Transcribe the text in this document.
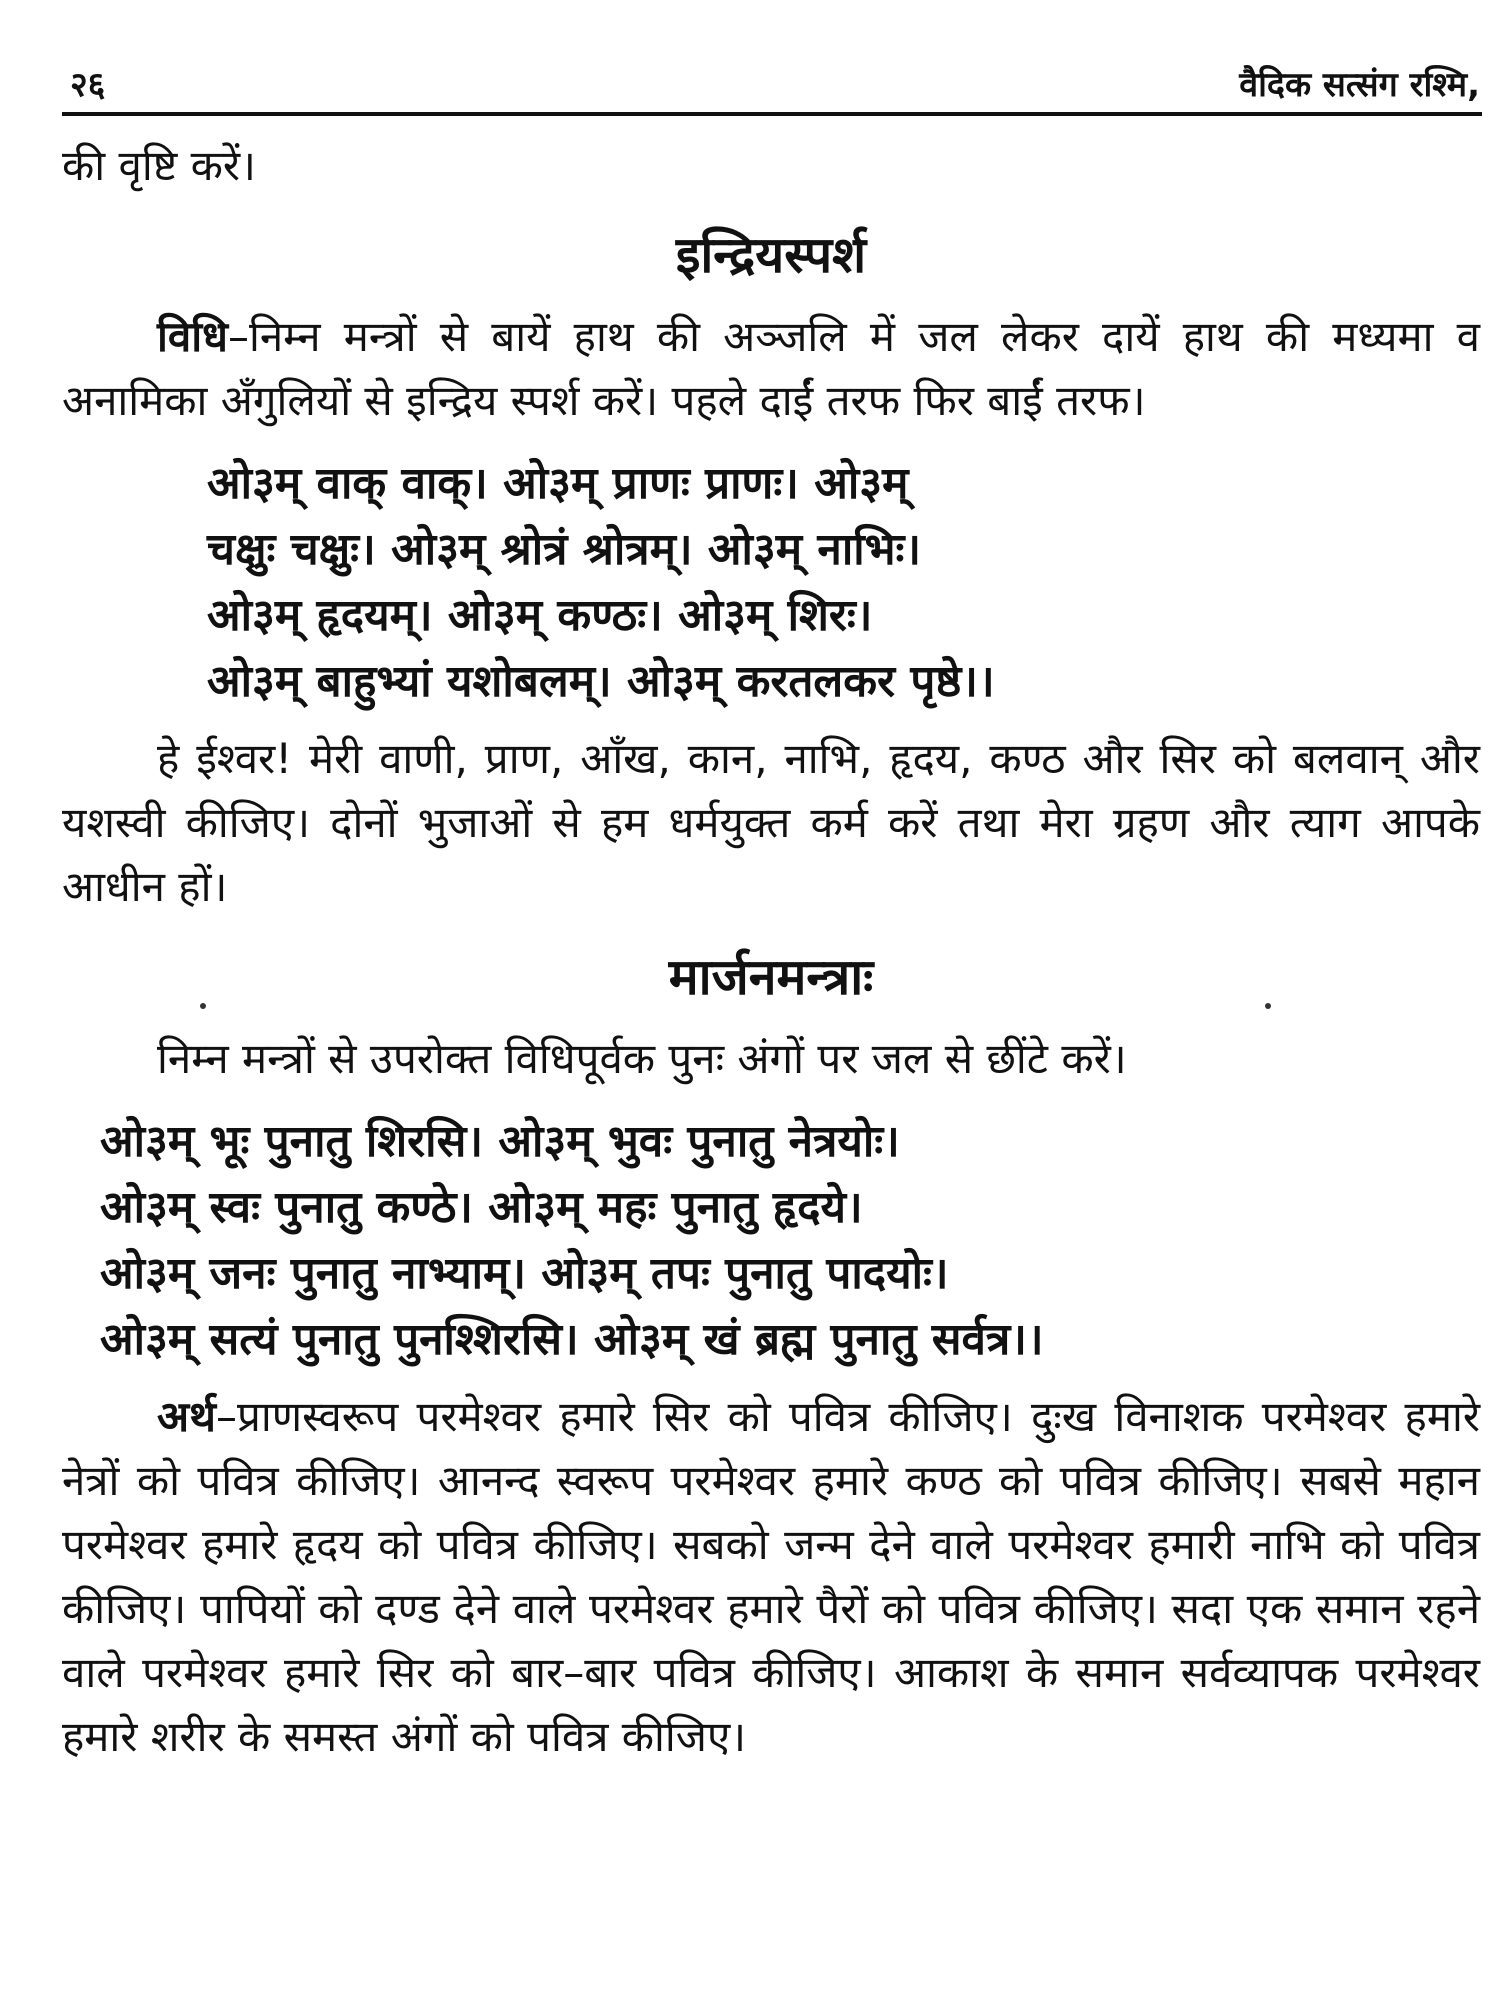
२६	वैदिक सत्संग रश्मि,

की वृष्टि करें।

इन्द्रियस्पर्श

विधि–निम्न मन्त्रों से बायें हाथ की अञ्जलि में जल लेकर दायें हाथ की मध्यमा व अनामिका अँगुलियों से इन्द्रिय स्पर्श करें। पहले दाईं तरफ फिर बाईं तरफ।

ओ३म् वाक् वाक्। ओ३म् प्राणः प्राणः। ओ३म्

चक्षुः चक्षुः। ओ३म् श्रोत्रं श्रोत्रम्। ओ३म् नाभिः।

ओ३म् हृदयम्। ओ३म् कण्ठः। ओ३म् शिरः।

ओ३म् बाहुभ्यां यशोबलम्। ओ३म् करतलकर पृष्ठे।।

हे ईश्वर! मेरी वाणी, प्राण, आँख, कान, नाभि, हृदय, कण्ठ और सिर को बलवान् और यशस्वी कीजिए। दोनों भुजाओं से हम धर्मयुक्त कर्म करें तथा मेरा ग्रहण और त्याग आपके आधीन हों।

मार्जनमन्त्राः

निम्न मन्त्रों से उपरोक्त विधिपूर्वक पुनः अंगों पर जल से छींटे करें।

ओ३म् भूः पुनातु शिरसि। ओ३म् भुवः पुनातु नेत्रयोः।

ओ३म् स्वः पुनातु कण्ठे। ओ३म् महः पुनातु हृदये।

ओ३म् जनः पुनातु नाभ्याम्। ओ३म् तपः पुनातु पादयोः।

ओ३म् सत्यं पुनातु पुनश्शिरसि। ओ३म् खं ब्रह्म पुनातु सर्वत्र।।

अर्थ–प्राणस्वरूप परमेश्वर हमारे सिर को पवित्र कीजिए। दुःख विनाशक परमेश्वर हमारे नेत्रों को पवित्र कीजिए। आनन्द स्वरूप परमेश्वर हमारे कण्ठ को पवित्र कीजिए। सबसे महान परमेश्वर हमारे हृदय को पवित्र कीजिए। सबको जन्म देने वाले परमेश्वर हमारी नाभि को पवित्र कीजिए। पापियों को दण्ड देने वाले परमेश्वर हमारे पैरों को पवित्र कीजिए। सदा एक समान रहने वाले परमेश्वर हमारे सिर को बार–बार पवित्र कीजिए। आकाश के समान सर्वव्यापक परमेश्वर हमारे शरीर के समस्त अंगों को पवित्र कीजिए।
